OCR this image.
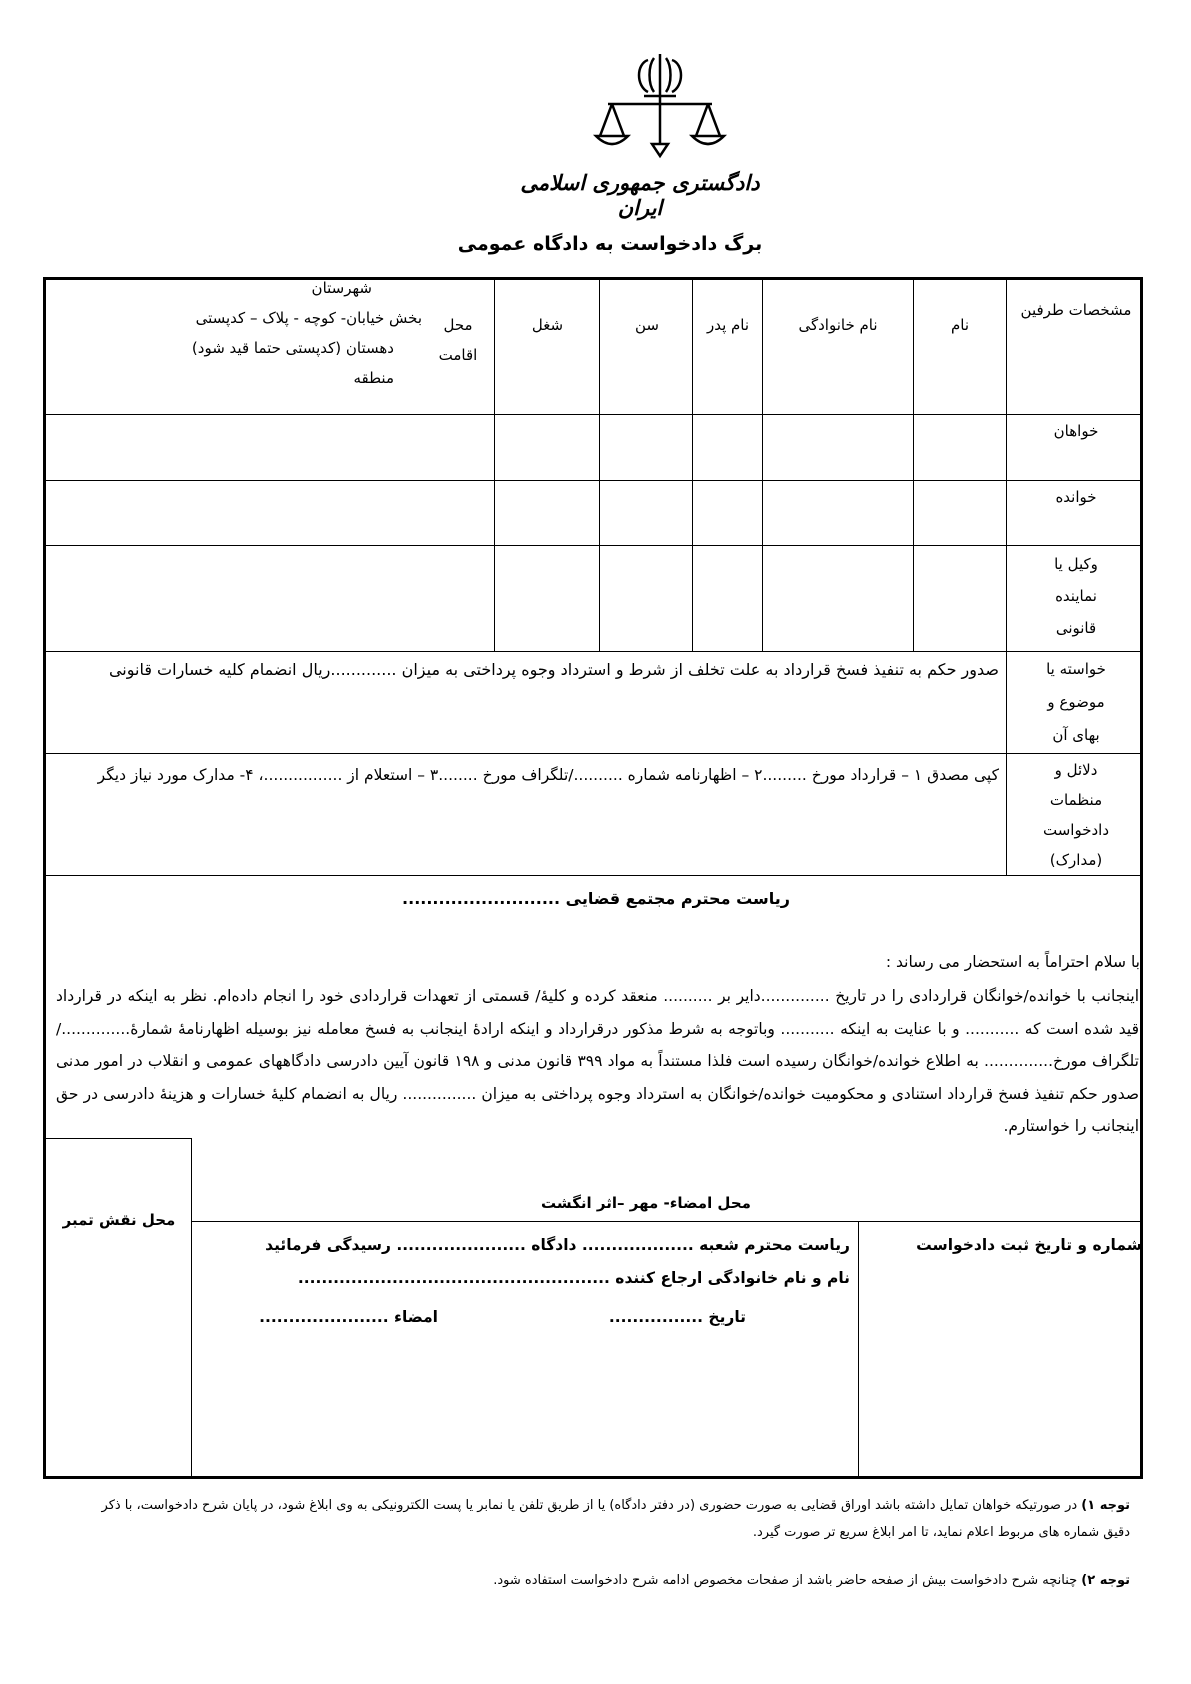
دادگستری جمهوری اسلامی ایران
برگ دادخواست به دادگاه عمومی
مشخصات طرفین
نام
نام خانوادگی
نام پدر
سن
شغل
محل اقامت
شهرستان
بخش خیابان- کوچه - پلاک – کدپستی
دهستان (کدپستی حتما قید شود)
منطقه
خواهان
خوانده
وکیل یا نماینده قانونی
خواسته یا موضوع و بهای آن
صدور حکم به تنفیذ فسخ قرارداد به علت تخلف از شرط و استرداد وجوه پرداختی به میزان .............ریال انضمام کلیه خسارات قانونی
دلائل و منظمات دادخواست (مدارک)
کپی مصدق ۱ – قرارداد مورخ .........۲ – اظهارنامه شماره ........../تلگراف مورخ ........۳ – استعلام از ................، ۴- مدارک مورد نیاز دیگر
ریاست محترم مجتمع قضایی ..........................
با سلام احتراماً به استحضار می رساند :
اینجانب با خوانده/خوانگان قراردادی را در تاریخ ..............دایر بر .......... منعقد کرده و کلیهٔ/ قسمتی از تعهدات قراردادی خود را انجام داده‌ام. نظر به اینکه در قرارداد قید شده است که ........... و با عنایت به اینکه ........... وباتوجه به شرط مذکور درقرارداد و اینکه ارادهٔ اینجانب به فسخ معامله نیز بوسیله اظهارنامهٔ شمارهٔ............../تلگراف مورخ.............. به اطلاع خوانده/خوانگان رسیده است فلذا مستنداً به مواد ۳۹۹ قانون مدنی و ۱۹۸ قانون آیین دادرسی دادگاههای عمومی و انقلاب در امور مدنی صدور حکم تنفیذ فسخ قرارداد استنادی و محکومیت خوانده/خوانگان به استرداد وجوه پرداختی به میزان ............... ریال به انضمام کلیهٔ خسارات و هزینهٔ دادرسی در حق اینجانب را خواستارم.
محل نقش تمبر
محل امضاء- مهر –اثر انگشت
شماره و تاریخ ثبت دادخواست
ریاست محترم شعبه ................... دادگاه ...................... رسیدگی فرمائید
نام و نام خانوادگی ارجاع کننده .....................................................
تاریخ ................
امضاء ......................
توجه ۱) در صورتیکه خواهان تمایل داشته باشد اوراق قضایی به صورت حضوری (در دفتر دادگاه) یا از طریق تلفن یا نمابر یا پست الکترونیکی به وی ابلاغ شود، در پایان شرح دادخواست، با ذکر دقیق شماره های مربوط اعلام نماید، تا امر ابلاغ سریع تر صورت گیرد.
توجه ۲) چنانچه شرح دادخواست بیش از صفحه حاضر باشد از صفحات مخصوص ادامه شرح دادخواست استفاده شود.
